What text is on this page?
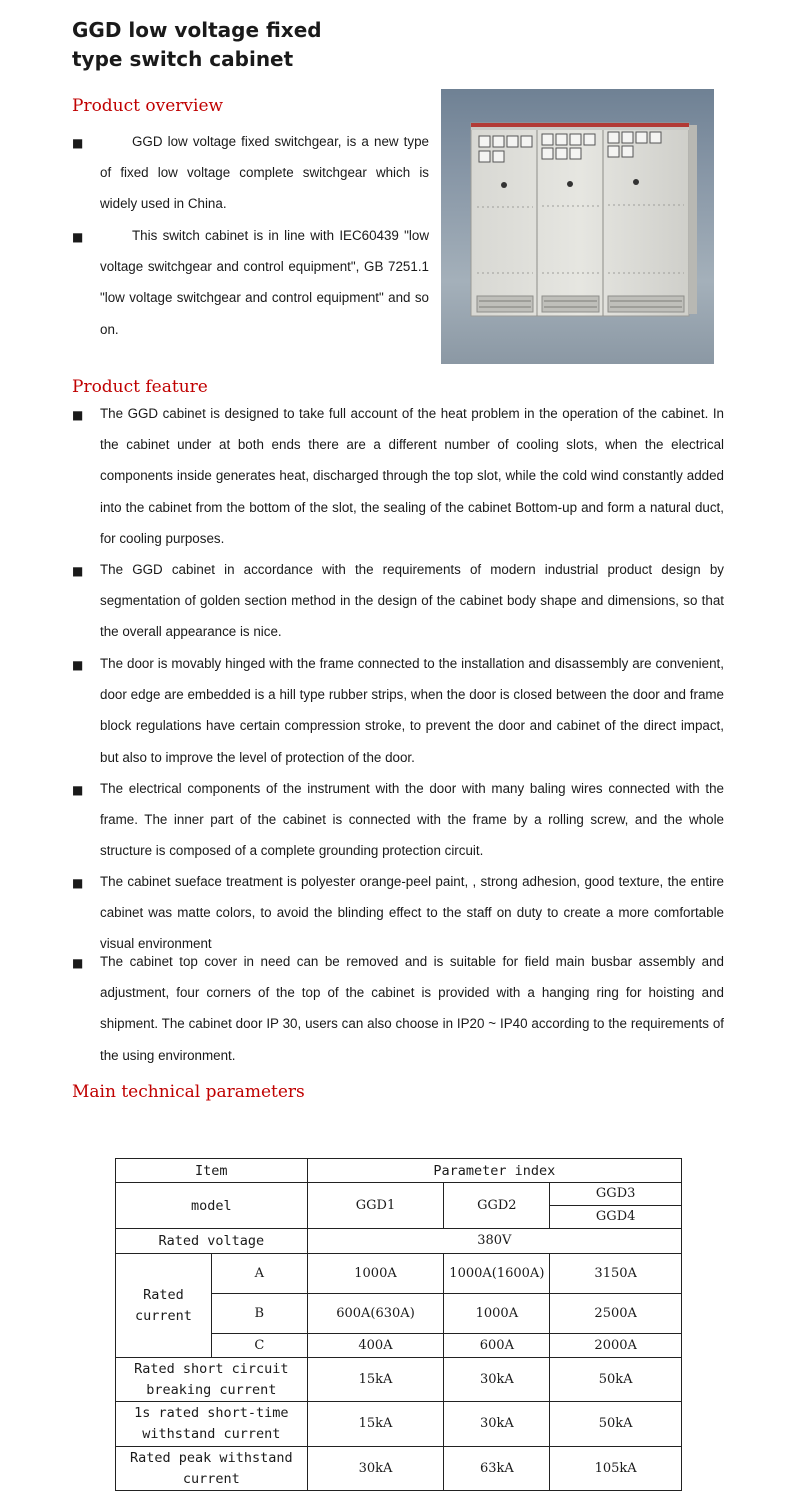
GGD low voltage fixed
type switch cabinet
Product overview
■	GGD low voltage fixed switchgear, is a new type of fixed low voltage complete switchgear which is widely used in China.
■	This switch cabinet is in line with IEC60439 "low voltage switchgear and control equipment", GB 7251.1 "low voltage switchgear and control equipment" and so on.
Product feature
■ The GGD cabinet is designed to take full account of the heat problem in the operation of the cabinet. In the cabinet under at both ends there are a different number of cooling slots, when the electrical components inside generates heat, discharged through the top slot, while the cold wind constantly added into the cabinet from the bottom of the slot, the sealing of the cabinet Bottom-up and form a natural duct, for cooling purposes.
■ The GGD cabinet in accordance with the requirements of modern industrial product design by segmentation of golden section method in the design of the cabinet body shape and dimensions, so that the overall appearance is nice.
■ The door is movably hinged with the frame connected to the installation and disassembly are convenient, door edge are embedded is a hill type rubber strips, when the door is closed between the door and frame block regulations have certain compression stroke, to prevent the door and cabinet of the direct impact, but also to improve the level of protection of the door.
■ The electrical components of the instrument with the door with many baling wires connected with the frame. The inner part of the cabinet is connected with the frame by a rolling screw, and the whole structure is composed of a complete grounding protection circuit.
■ The cabinet sueface treatment is polyester orange-peel paint, , strong adhesion, good texture, the entire cabinet was matte colors, to avoid the blinding effect to the staff on duty to create a more comfortable visual environment
■ The cabinet top cover in need can be removed and is suitable for field main busbar assembly and adjustment, four corners of the top of the cabinet is provided with a hanging ring for hoisting and shipment. The cabinet door IP 30, users can also choose in IP20 ~ IP40 according to the requirements of the using environment.
Main technical parameters
Item		Parameter index		
model		GGD1	GGD2	GGD3
				GGD4
Rated voltage		380V		
Rated current	A	1000A	1000A(1600A)	3150A
	B	600A(630A)	1000A	2500A
	C	400A	600A	2000A
Rated short circuit breaking current		15kA	30kA	50kA
1s rated short-time withstand current		15kA	30kA	50kA
Rated peak withstand current		30kA	63kA	105kA
